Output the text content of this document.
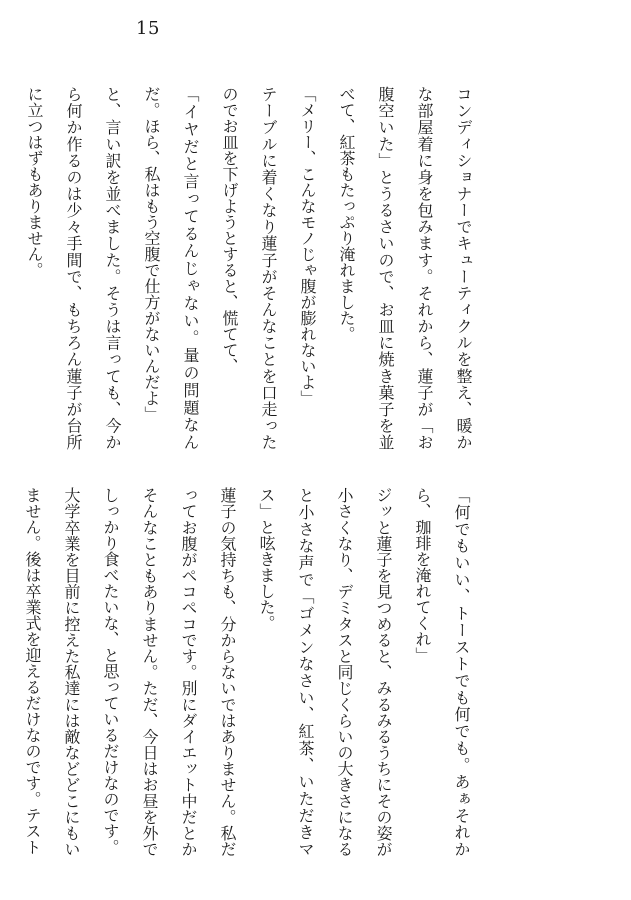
15

コンディショナーでキューティクルを整え、暖かな部屋着に身を包みます。それから、蓮子が「お腹空いた」とうるさいので、お皿に焼き菓子を並べて、紅茶もたっぷり淹れました。

「メリー、こんなモノじゃ腹が膨れないよ」

テーブルに着くなり蓮子がそんなことを口走ったのでお皿を下げようとすると、慌てて、

「イヤだと言ってるんじゃない。量の問題なんだ。ほら、私はもう空腹で仕方がないんだよ」

と、言い訳を並べました。そうは言っても、今から何か作るのは少々手間で、もちろん蓮子が台所に立つはずもありません。

「何でもいい、トーストでも何でも。あぁそれから、珈琲を淹れてくれ」

ジッと蓮子を見つめると、みるみるうちにその姿が小さくなり、デミタスと同じくらいの大きさになると小さな声で「ゴメンなさい、紅茶、いただきマス」と呟きました。

蓮子の気持ちも、分からないではありません。私だってお腹がペコペコです。別にダイエット中だとかそんなこともありません。ただ、今日はお昼を外でしっかり食べたいな、と思っているだけなのです。

大学卒業を目前に控えた私達には敵などどこにもいません。後は卒業式を迎えるだけなのです。テスト
